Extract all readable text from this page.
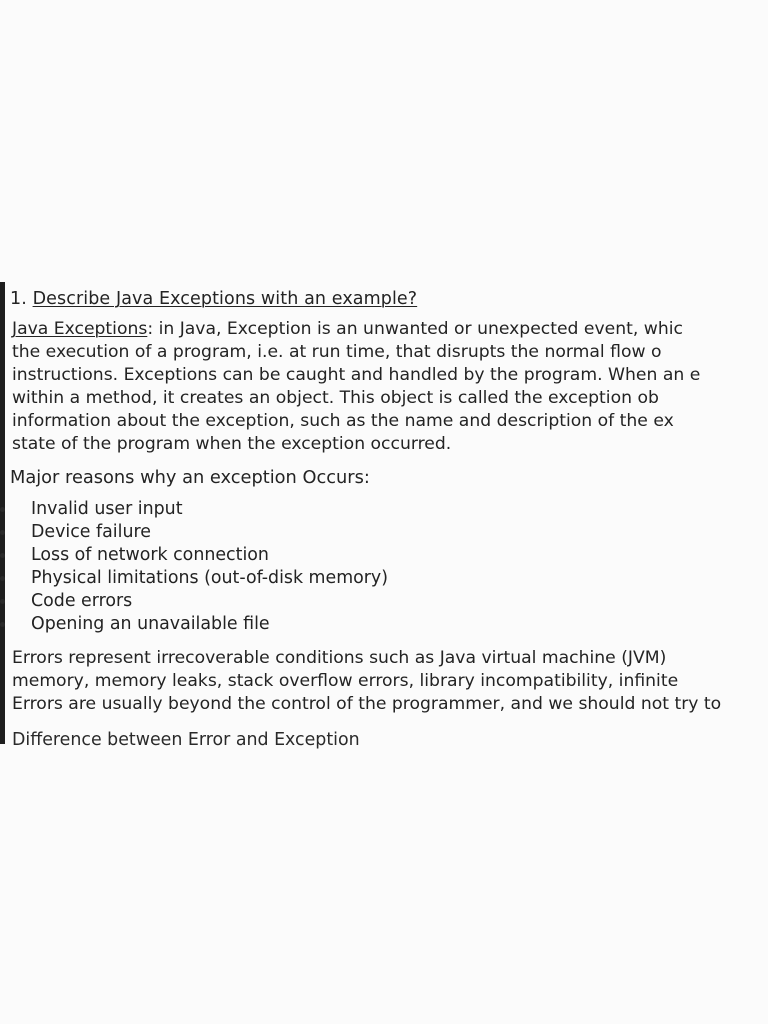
1. Describe Java Exceptions with an example?
Java Exceptions: in Java, Exception is an unwanted or unexpected event, whic
the execution of a program, i.e. at run time, that disrupts the normal flow o
instructions. Exceptions can be caught and handled by the program. When an e
within a method, it creates an object. This object is called the exception ob
information about the exception, such as the name and description of the ex
state of the program when the exception occurred.
Major reasons why an exception Occurs:
Invalid user input
Device failure
Loss of network connection
Physical limitations (out-of-disk memory)
Code errors
Opening an unavailable file
Errors represent irrecoverable conditions such as Java virtual machine (JVM)
memory, memory leaks, stack overflow errors, library incompatibility, infinite
Errors are usually beyond the control of the programmer, and we should not try to
Difference between Error and Exception
